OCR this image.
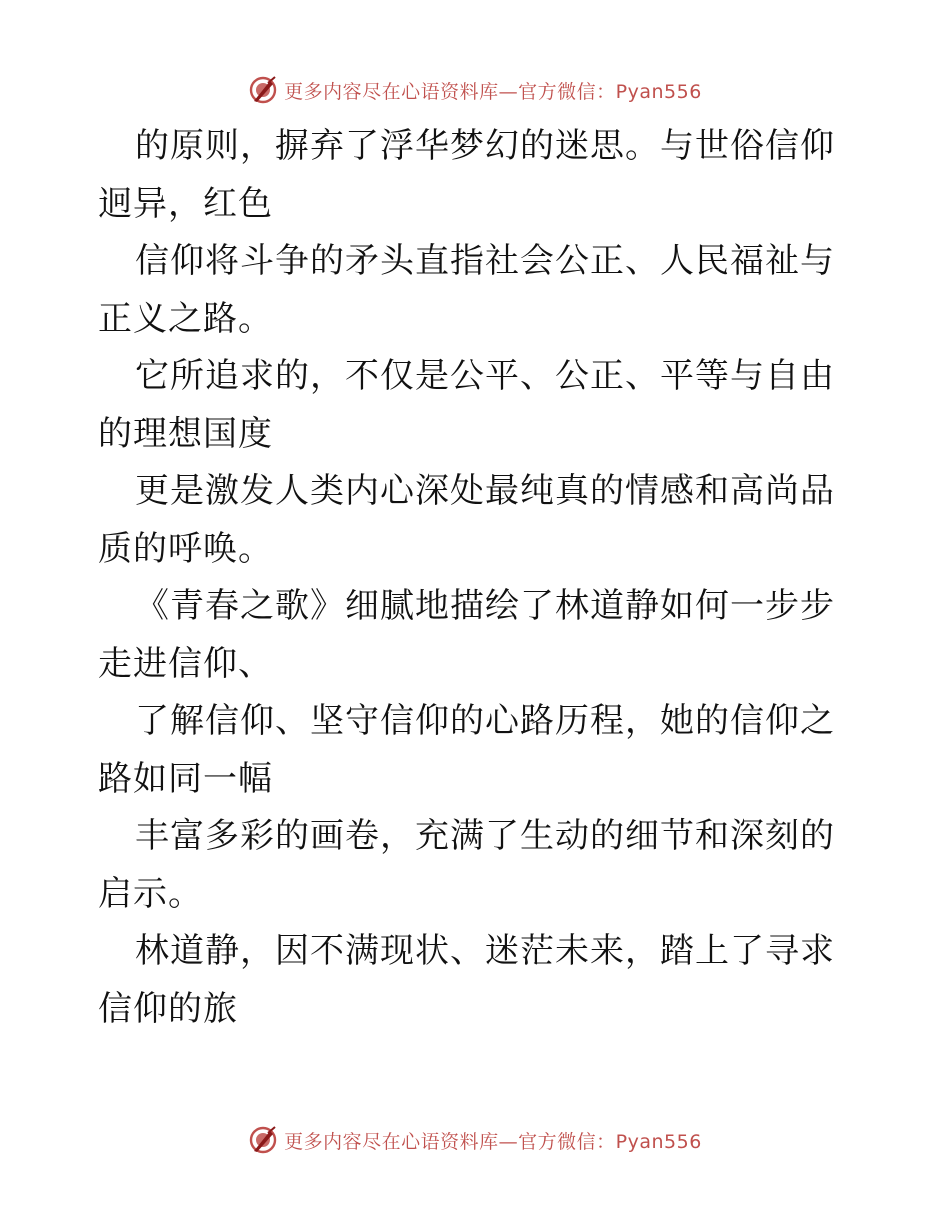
更多内容尽在心语资料库—官方微信：Pyan556

的原则，摒弃了浮华梦幻的迷思。与世俗信仰迥异，红色

信仰将斗争的矛头直指社会公正、人民福祉与正义之路。

它所追求的，不仅是公平、公正、平等与自由的理想国度

更是激发人类内心深处最纯真的情感和高尚品质的呼唤。

《青春之歌》细腻地描绘了林道静如何一步步走进信仰、

了解信仰、坚守信仰的心路历程，她的信仰之路如同一幅

丰富多彩的画卷，充满了生动的细节和深刻的启示。

林道静，因不满现状、迷茫未来，踏上了寻求信仰的旅

更多内容尽在心语资料库—官方微信：Pyan556
